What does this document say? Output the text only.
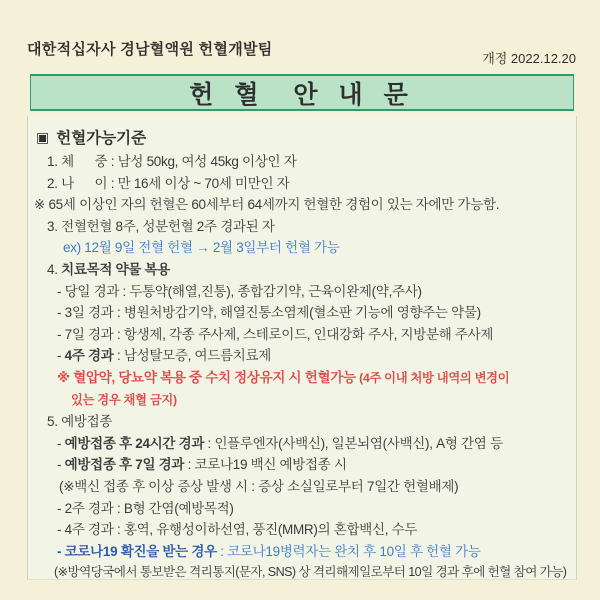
대한적십자사 경남혈액원 헌혈개발팀
개정 2022.12.20
헌 혈  안 내 문
▣ 헌혈가능기준
1. 체      중 : 남성 50kg, 여성 45kg 이상인 자
2. 나      이 : 만 16세 이상 ~ 70세 미만인 자
※ 65세 이상인 자의 헌혈은 60세부터 64세까지 헌혈한 경험이 있는 자에만 가능함.
3. 전혈헌혈 8주, 성분헌혈 2주 경과된 자
ex) 12월 9일 전혈 헌혈 → 2월 3일부터 헌혈 가능
4. 치료목적 약물 복용
- 당일 경과 : 두통약(해열,진통), 종합감기약, 근육이완제(약,주사)
- 3일 경과 : 병원처방감기약, 해열진통소염제(혈소판 기능에 영향주는 약물)
- 7일 경과 : 항생제, 각종 주사제, 스테로이드, 인대강화 주사, 지방분해 주사제
- 4주 경과 : 남성탈모증, 여드름치료제
※ 혈압약, 당뇨약 복용 중 수치 정상유지 시 헌혈가능 (4주 이내 처방 내역의 변경이
있는 경우 채혈 금지)
5. 예방접종
- 예방접종 후 24시간 경과 : 인플루엔자(사백신), 일본뇌염(사백신), A형 간염 등
- 예방접종 후 7일 경과 : 코로나19 백신 예방접종 시
(※백신 접종 후 이상 증상 발생 시 : 증상 소실일로부터 7일간 헌혈배제)
- 2주 경과 : B형 간염(예방목적)
- 4주 경과 : 홍역, 유행성이하선염, 풍진(MMR)의 혼합백신, 수두
- 코로나19 확진을 받는 경우 : 코로나19병력자는 완치 후 10일 후 헌혈 가능
(※방역당국에서 통보받은 격리통지(문자, SNS) 상 격리해제일로부터 10일 경과 후에 헌혈 참여 가능)
